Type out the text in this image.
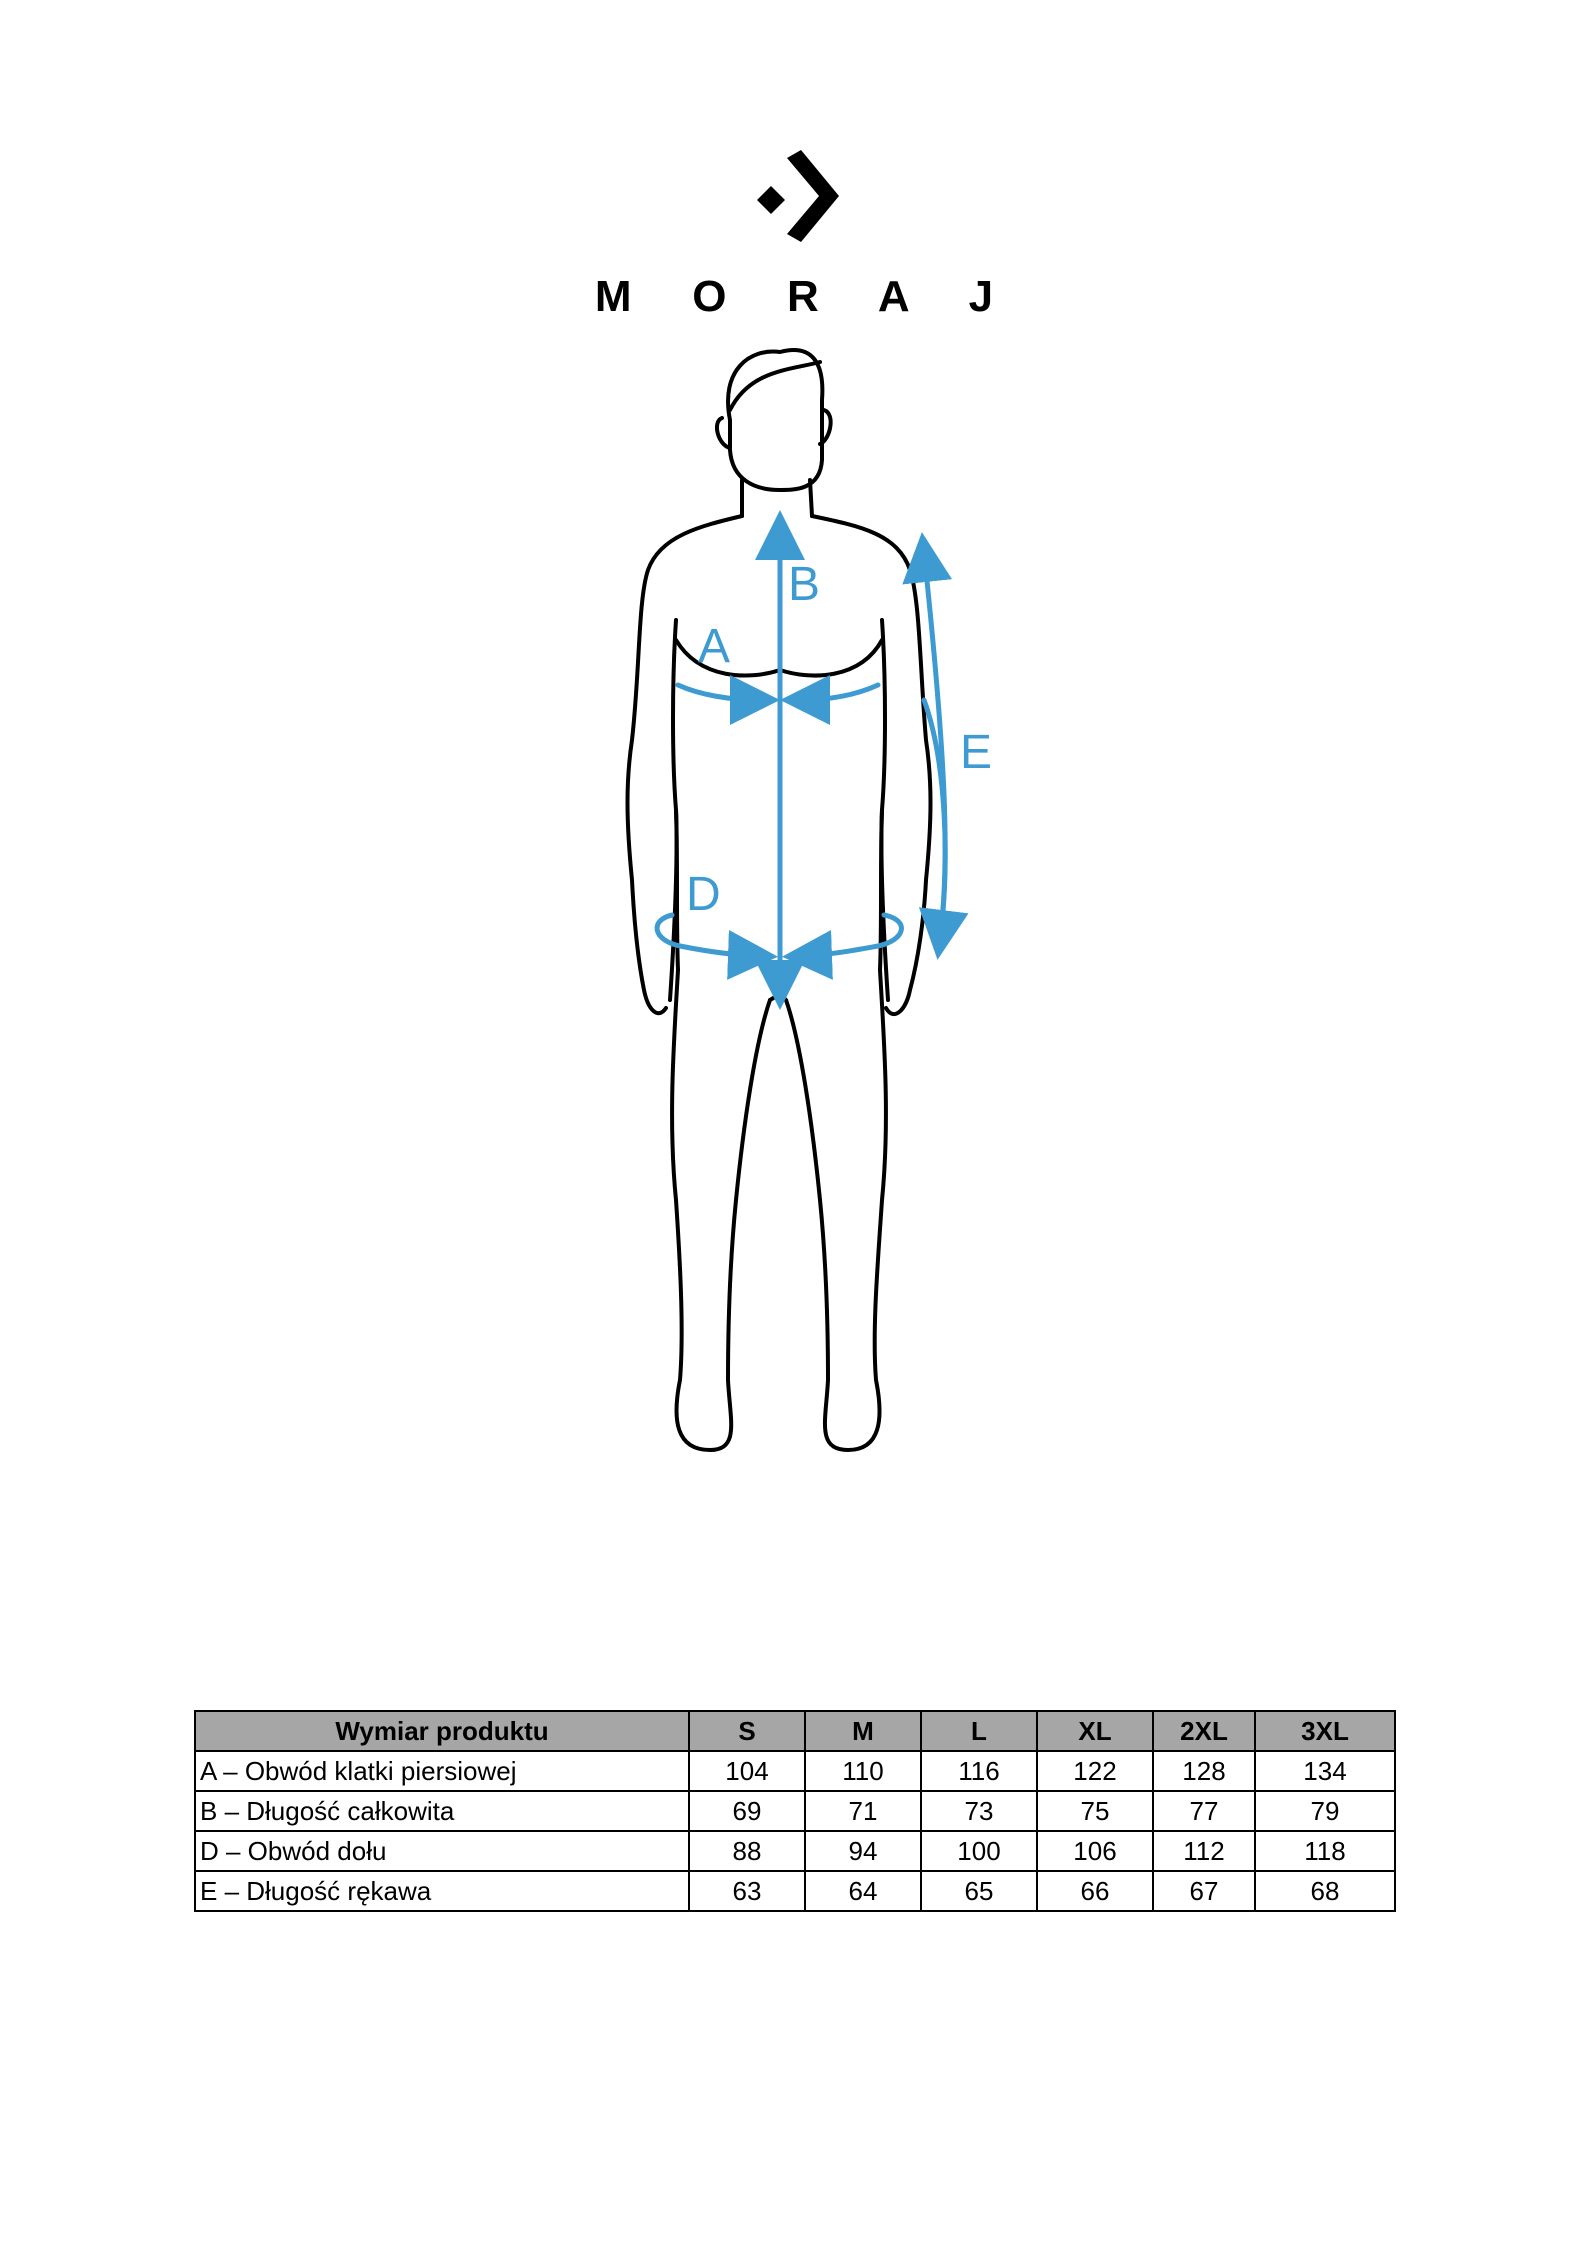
M O R A J
A
B
D
E
Wymiar produktu	S	M	L	XL	2XL	3XL
A – Obwód klatki piersiowej	104	110	116	122	128	134
B – Długość całkowita	69	71	73	75	77	79
D – Obwód dołu	88	94	100	106	112	118
E – Długość rękawa	63	64	65	66	67	68
